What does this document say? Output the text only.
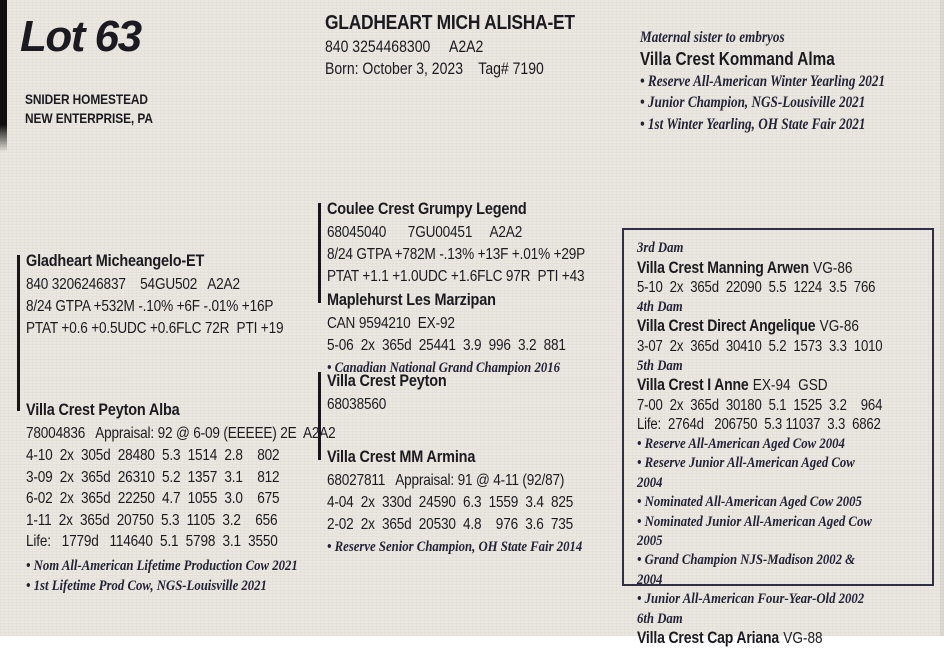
Lot 63
SNIDER HOMESTEAD
NEW ENTERPRISE, PA
GLADHEART MICH ALISHA-ET
840 3254468300 A2A2
Born: October 3, 2023 Tag# 7190
Maternal sister to embryos
Villa Crest Kommand Alma
• Reserve All-American Winter Yearling 2021
• Junior Champion, NGS-Lousiville 2021
• 1st Winter Yearling, OH State Fair 2021
Gladheart Micheangelo-ET
840 3206246837    54GU502   A2A2
8/24 GTPA +532M -.10% +6F -.01% +16P
PTAT +0.6 +0.5UDC +0.6FLC 72R  PTI +19
Villa Crest Peyton Alba
78004836   Appraisal: 92 @ 6-09 (EEEEE) 2E  A2A2
4-10  2x  305d  28480  5.3  1514  2.8    802
3-09  2x  365d  26310  5.2  1357  3.1    812
6-02  2x  365d  22250  4.7  1055  3.0    675
1-11  2x  365d  20750  5.3  1105  3.2    656
Life:   1779d   114640  5.1  5798  3.1  3550
• Nom All-American Lifetime Production Cow 2021
• 1st Lifetime Prod Cow, NGS-Louisville 2021
Coulee Crest Grumpy Legend
68045040      7GU00451     A2A2
8/24 GTPA +782M -.13% +13F +.01% +29P
PTAT +1.1 +1.0UDC +1.6FLC 97R  PTI +43
Maplehurst Les Marzipan
CAN 9594210  EX-92
5-06  2x  365d  25441  3.9  996  3.2  881
• Canadian National Grand Champion 2016
Villa Crest Peyton
68038560
Villa Crest MM Armina
68027811   Appraisal: 91 @ 4-11 (92/87)
4-04  2x  330d  24590  6.3  1559  3.4  825
2-02  2x  365d  20530  4.8    976  3.6  735
• Reserve Senior Champion, OH State Fair 2014
3rd Dam
Villa Crest Manning Arwen VG-86
5-10  2x  365d  22090  5.5  1224  3.5  766
4th Dam
Villa Crest Direct Angelique VG-86
3-07  2x  365d  30410  5.2  1573  3.3  1010
5th Dam
Villa Crest I Anne EX-94  GSD
7-00  2x  365d  30180  5.1  1525  3.2    964
Life:  2764d   206750  5.3 11037  3.3  6862
• Reserve All-American Aged Cow 2004
• Reserve Junior All-American Aged Cow 2004
• Nominated All-American Aged Cow 2005
• Nominated Junior All-American Aged Cow 2005
• Grand Champion NJS-Madison 2002 & 2004
• Junior All-American Four-Year-Old 2002
6th Dam
Villa Crest Cap Ariana VG-88
